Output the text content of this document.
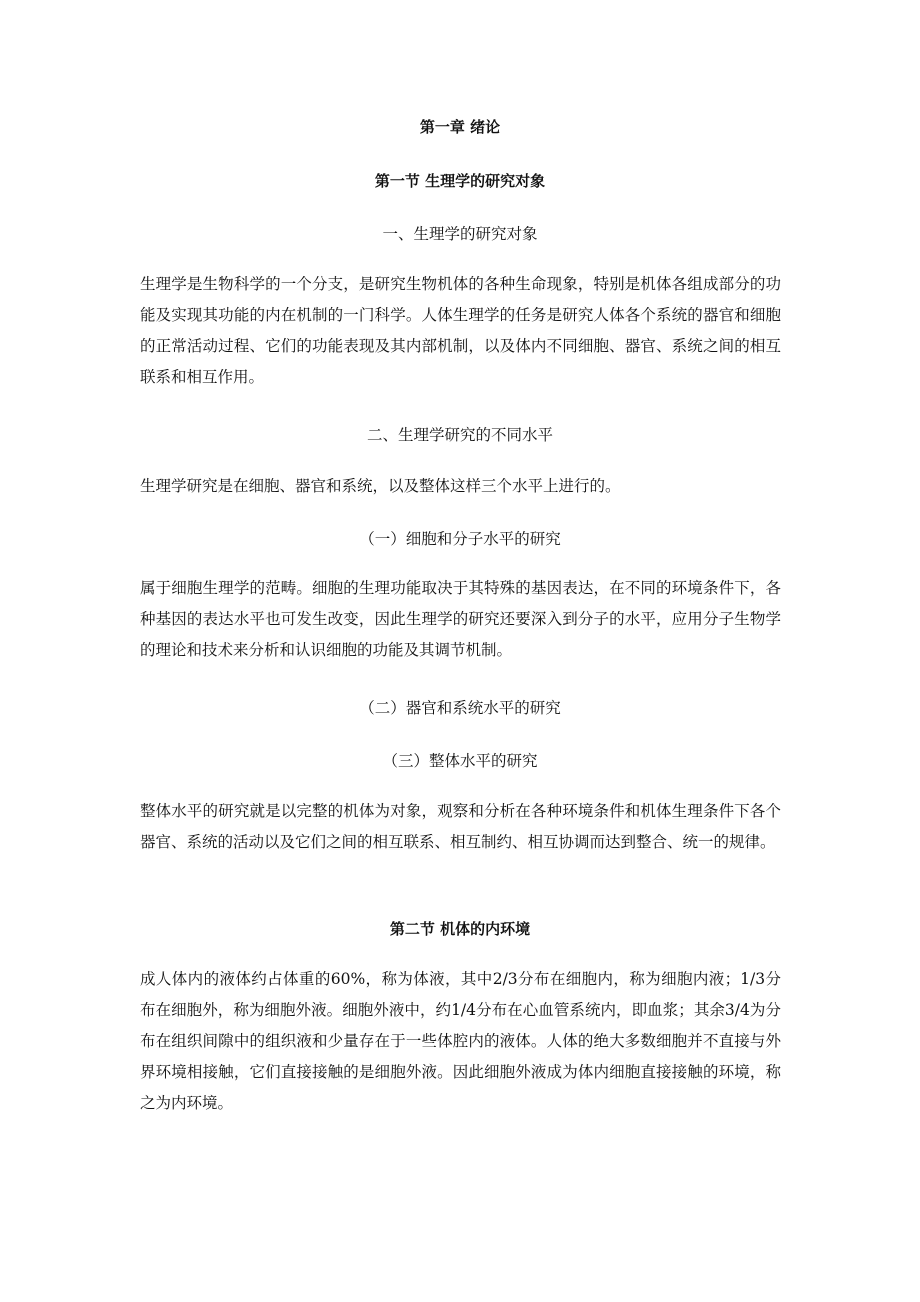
第一章 绪论
第一节 生理学的研究对象
一、生理学的研究对象
生理学是生物科学的一个分支，是研究生物机体的各种生命现象，特别是机体各组成部分的功能及实现其功能的内在机制的一门科学。人体生理学的任务是研究人体各个系统的器官和细胞的正常活动过程、它们的功能表现及其内部机制，以及体内不同细胞、器官、系统之间的相互联系和相互作用。
二、生理学研究的不同水平
生理学研究是在细胞、器官和系统，以及整体这样三个水平上进行的。
（一）细胞和分子水平的研究
属于细胞生理学的范畴。细胞的生理功能取决于其特殊的基因表达，在不同的环境条件下，各种基因的表达水平也可发生改变，因此生理学的研究还要深入到分子的水平，应用分子生物学的理论和技术来分析和认识细胞的功能及其调节机制。
（二）器官和系统水平的研究
（三）整体水平的研究
整体水平的研究就是以完整的机体为对象，观察和分析在各种环境条件和机体生理条件下各个器官、系统的活动以及它们之间的相互联系、相互制约、相互协调而达到整合、统一的规律。
第二节 机体的内环境
成人体内的液体约占体重的60%，称为体液，其中2/3分布在细胞内，称为细胞内液；1/3分布在细胞外，称为细胞外液。细胞外液中，约1/4分布在心血管系统内，即血浆；其余3/4为分布在组织间隙中的组织液和少量存在于一些体腔内的液体。人体的绝大多数细胞并不直接与外界环境相接触，它们直接接触的是细胞外液。因此细胞外液成为体内细胞直接接触的环境，称之为内环境。
